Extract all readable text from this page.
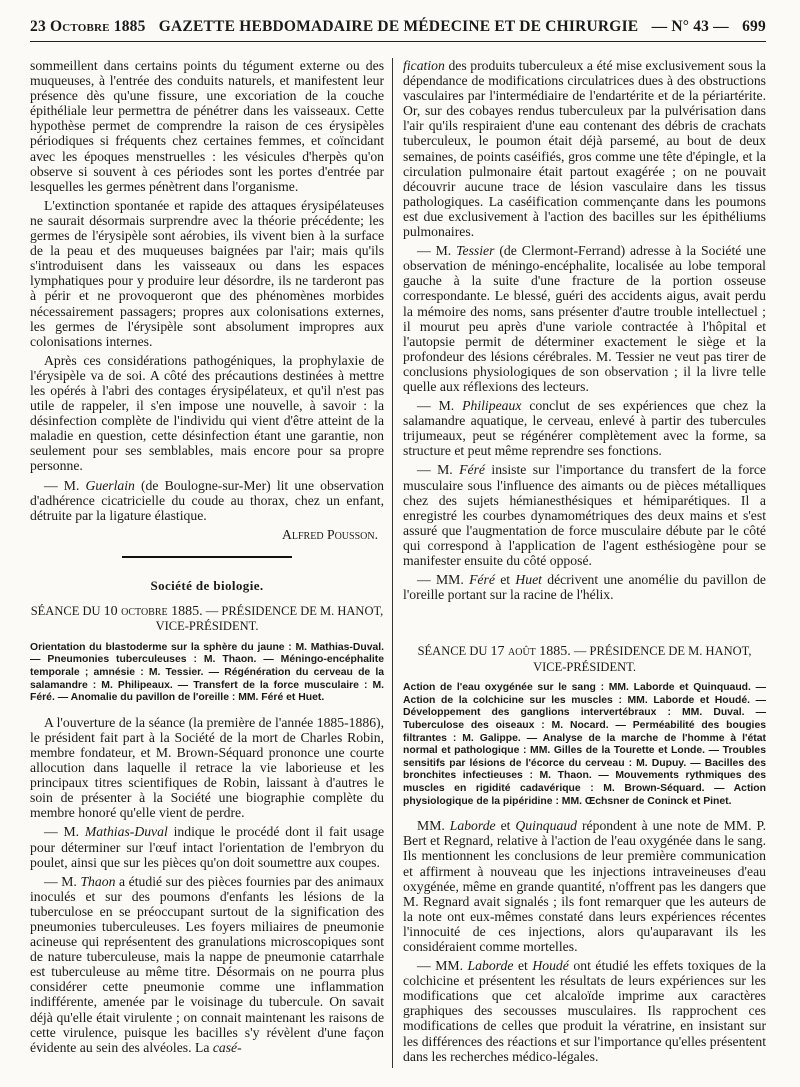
23 Octobre 1885 GAZETTE HEBDOMADAIRE DE MÉDECINE ET DE CHIRURGIE — N° 43 — 699

sommeillent dans certains points du tégument externe ou des muqueuses, à l'entrée des conduits naturels, et manifestent leur présence dès qu'une fissure, une excoriation de la couche épithéliale leur permettra de pénétrer dans les vaisseaux. Cette hypothèse permet de comprendre la raison de ces érysipèles périodiques si fréquents chez certaines femmes, et coïncidant avec les époques menstruelles : les vésicules d'herpès qu'on observe si souvent à ces périodes sont les portes d'entrée par lesquelles les germes pénètrent dans l'organisme.

L'extinction spontanée et rapide des attaques érysipélateuses ne saurait désormais surprendre avec la théorie précédente; les germes de l'érysipèle sont aérobies, ils vivent bien à la surface de la peau et des muqueuses baignées par l'air; mais qu'ils s'introduisent dans les vaisseaux ou dans les espaces lymphatiques pour y produire leur désordre, ils ne tarderont pas à périr et ne provoqueront que des phénomènes morbides nécessairement passagers; propres aux colonisations externes, les germes de l'érysipèle sont absolument impropres aux colonisations internes.

Après ces considérations pathogéniques, la prophylaxie de l'érysipèle va de soi. A côté des précautions destinées à mettre les opérés à l'abri des contages érysipélateux, et qu'il n'est pas utile de rappeler, il s'en impose une nouvelle, à savoir : la désinfection complète de l'individu qui vient d'être atteint de la maladie en question, cette désinfection étant une garantie, non seulement pour ses semblables, mais encore pour sa propre personne.

— M. Guerlain (de Boulogne-sur-Mer) lit une observation d'adhérence cicatricielle du coude au thorax, chez un enfant, détruite par la ligature élastique.

Alfred Pousson.
Société de biologie.
SÉANCE DU 10 octobre 1885. — PRÉSIDENCE DE M. HANOT, VICE-PRÉSIDENT.
Orientation du blastoderme sur la sphère du jaune : M. Mathias-Duval. — Pneumonies tuberculeuses : M. Thaon. — Méningo-encéphalite temporale ; amnésie : M. Tessier. — Régénération du cerveau de la salamandre : M. Philipeaux. — Transfert de la force musculaire : M. Féré. — Anomalie du pavillon de l'oreille : MM. Féré et Huet.

A l'ouverture de la séance (la première de l'année 1885-1886), le président fait part à la Société de la mort de Charles Robin, membre fondateur, et M. Brown-Séquard prononce une courte allocution dans laquelle il retrace la vie laborieuse et les principaux titres scientifiques de Robin, laissant à d'autres le soin de présenter à la Société une biographie complète du membre honoré qu'elle vient de perdre.

— M. Mathias-Duval indique le procédé dont il fait usage pour déterminer sur l'œuf intact l'orientation de l'embryon du poulet, ainsi que sur les pièces qu'on doit soumettre aux coupes.

— M. Thaon a étudié sur des pièces fournies par des animaux inoculés et sur des poumons d'enfants les lésions de la tuberculose en se préoccupant surtout de la signification des pneumonies tuberculeuses. Les foyers miliaires de pneumonie acineuse qui représentent des granulations microscopiques sont de nature tuberculeuse, mais la nappe de pneumonie catarrhale est tuberculeuse au même titre. Désormais on ne pourra plus considérer cette pneumonie comme une inflammation indifférente, amenée par le voisinage du tubercule. On savait déjà qu'elle était virulente ; on connait maintenant les raisons de cette virulence, puisque les bacilles s'y révèlent d'une façon évidente au sein des alvéoles. La casé-

fication des produits tuberculeux a été mise exclusivement sous la dépendance de modifications circulatrices dues à des obstructions vasculaires par l'intermédiaire de l'endartérite et de la périartérite. Or, sur des cobayes rendus tuberculeux par la pulvérisation dans l'air qu'ils respiraient d'une eau contenant des débris de crachats tuberculeux, le poumon était déjà parsemé, au bout de deux semaines, de points caséifiés, gros comme une tête d'épingle, et la circulation pulmonaire était partout exagérée ; on ne pouvait découvrir aucune trace de lésion vasculaire dans les tissus pathologiques. La caséification commençante dans les poumons est due exclusivement à l'action des bacilles sur les épithéliums pulmonaires.

— M. Tessier (de Clermont-Ferrand) adresse à la Société une observation de méningo-encéphalite, localisée au lobe temporal gauche à la suite d'une fracture de la portion osseuse correspondante. Le blessé, guéri des accidents aigus, avait perdu la mémoire des noms, sans présenter d'autre trouble intellectuel ; il mourut peu après d'une variole contractée à l'hôpital et l'autopsie permit de déterminer exactement le siège et la profondeur des lésions cérébrales. M. Tessier ne veut pas tirer de conclusions physiologiques de son observation ; il la livre telle quelle aux réflexions des lecteurs.

— M. Philipeaux conclut de ses expériences que chez la salamandre aquatique, le cerveau, enlevé à partir des tubercules trijumeaux, peut se régénérer complètement avec la forme, sa structure et peut même reprendre ses fonctions.

— M. Féré insiste sur l'importance du transfert de la force musculaire sous l'influence des aimants ou de pièces métalliques chez des sujets hémianesthésiques et hémiparétiques. Il a enregistré les courbes dynamométriques des deux mains et s'est assuré que l'augmentation de force musculaire débute par le côté qui correspond à l'application de l'agent esthésiogène pour se manifester ensuite du côté opposé.

— MM. Féré et Huet décrivent une anomélie du pavillon de l'oreille portant sur la racine de l'hélix.

SÉANCE DU 17 août 1885. — PRÉSIDENCE DE M. HANOT, VICE-PRÉSIDENT.
Action de l'eau oxygénée sur le sang : MM. Laborde et Quinquaud. — Action de la colchicine sur les muscles : MM. Laborde et Houdé. — Développement des ganglions intervertébraux : MM. Duval. — Tuberculose des oiseaux : M. Nocard. — Perméabilité des bougies filtrantes : M. Galippe. — Analyse de la marche de l'homme à l'état normal et pathologique : MM. Gilles de la Tourette et Londe. — Troubles sensitifs par lésions de l'écorce du cerveau : M. Dupuy. — Bacilles des bronchites infectieuses : M. Thaon. — Mouvements rythmiques des muscles en rigidité cadavérique : M. Brown-Séquard. — Action physiologique de la pipéridine : MM. Œchsner de Coninck et Pinet.

MM. Laborde et Quinquaud répondent à une note de MM. P. Bert et Regnard, relative à l'action de l'eau oxygénée dans le sang. Ils mentionnent les conclusions de leur première communication et affirment à nouveau que les injections intraveineuses d'eau oxygénée, même en grande quantité, n'offrent pas les dangers que M. Regnard avait signalés ; ils font remarquer que les auteurs de la note ont eux-mêmes constaté dans leurs expériences récentes l'innocuité de ces injections, alors qu'auparavant ils les considéraient comme mortelles.

— MM. Laborde et Houdé ont étudié les effets toxiques de la colchicine et présentent les résultats de leurs expériences sur les modifications que cet alcaloïde imprime aux caractères graphiques des secousses musculaires. Ils rapprochent ces modifications de celles que produit la vératrine, en insistant sur les différences des réactions et sur l'importance qu'elles présentent dans les recherches médico-légales.
